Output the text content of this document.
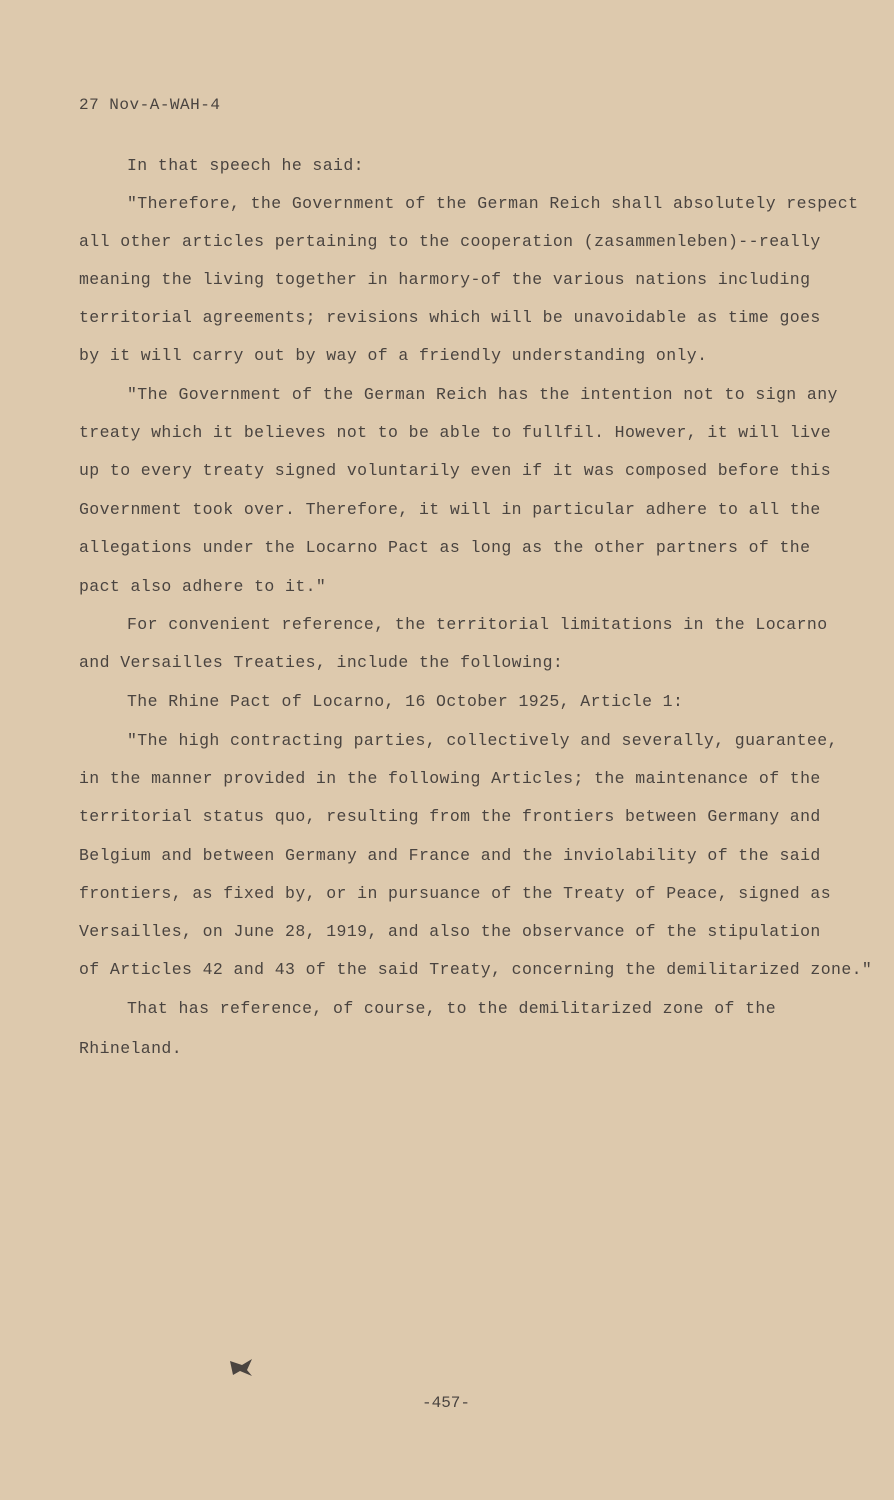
27 Nov-A-WAH-4
In that speech he said:
"Therefore, the Government of the German Reich shall absolutely respect
all other articles pertaining to the cooperation (zasammenleben)--really
meaning the living together in harmory-of the various nations including
territorial agreements; revisions which will be unavoidable as time goes
by it will carry out by way of a friendly understanding only.
"The Government of the German Reich has the intention not to sign any
treaty which it believes not to be able to fullfil. However, it will live
up to every treaty signed voluntarily even if it was composed before this
Government took over. Therefore, it will in particular adhere to all the
allegations under the Locarno Pact as long as the other partners of the
pact also adhere to it."
For convenient reference, the territorial limitations in the Locarno
and Versailles Treaties, include the following:
The Rhine Pact of Locarno, 16 October 1925, Article 1:
"The high contracting parties, collectively and severally, guarantee,
in the manner provided in the following Articles; the maintenance of the
territorial status quo, resulting from the frontiers between Germany and
Belgium and between Germany and France and the inviolability of the said
frontiers, as fixed by, or in pursuance of the Treaty of Peace, signed as
Versailles, on June 28, 1919, and also the observance of the stipulation
of Articles 42 and 43 of the said Treaty, concerning the demilitarized zone."
That has reference, of course, to the demilitarized zone of the
Rhineland.
-457-
